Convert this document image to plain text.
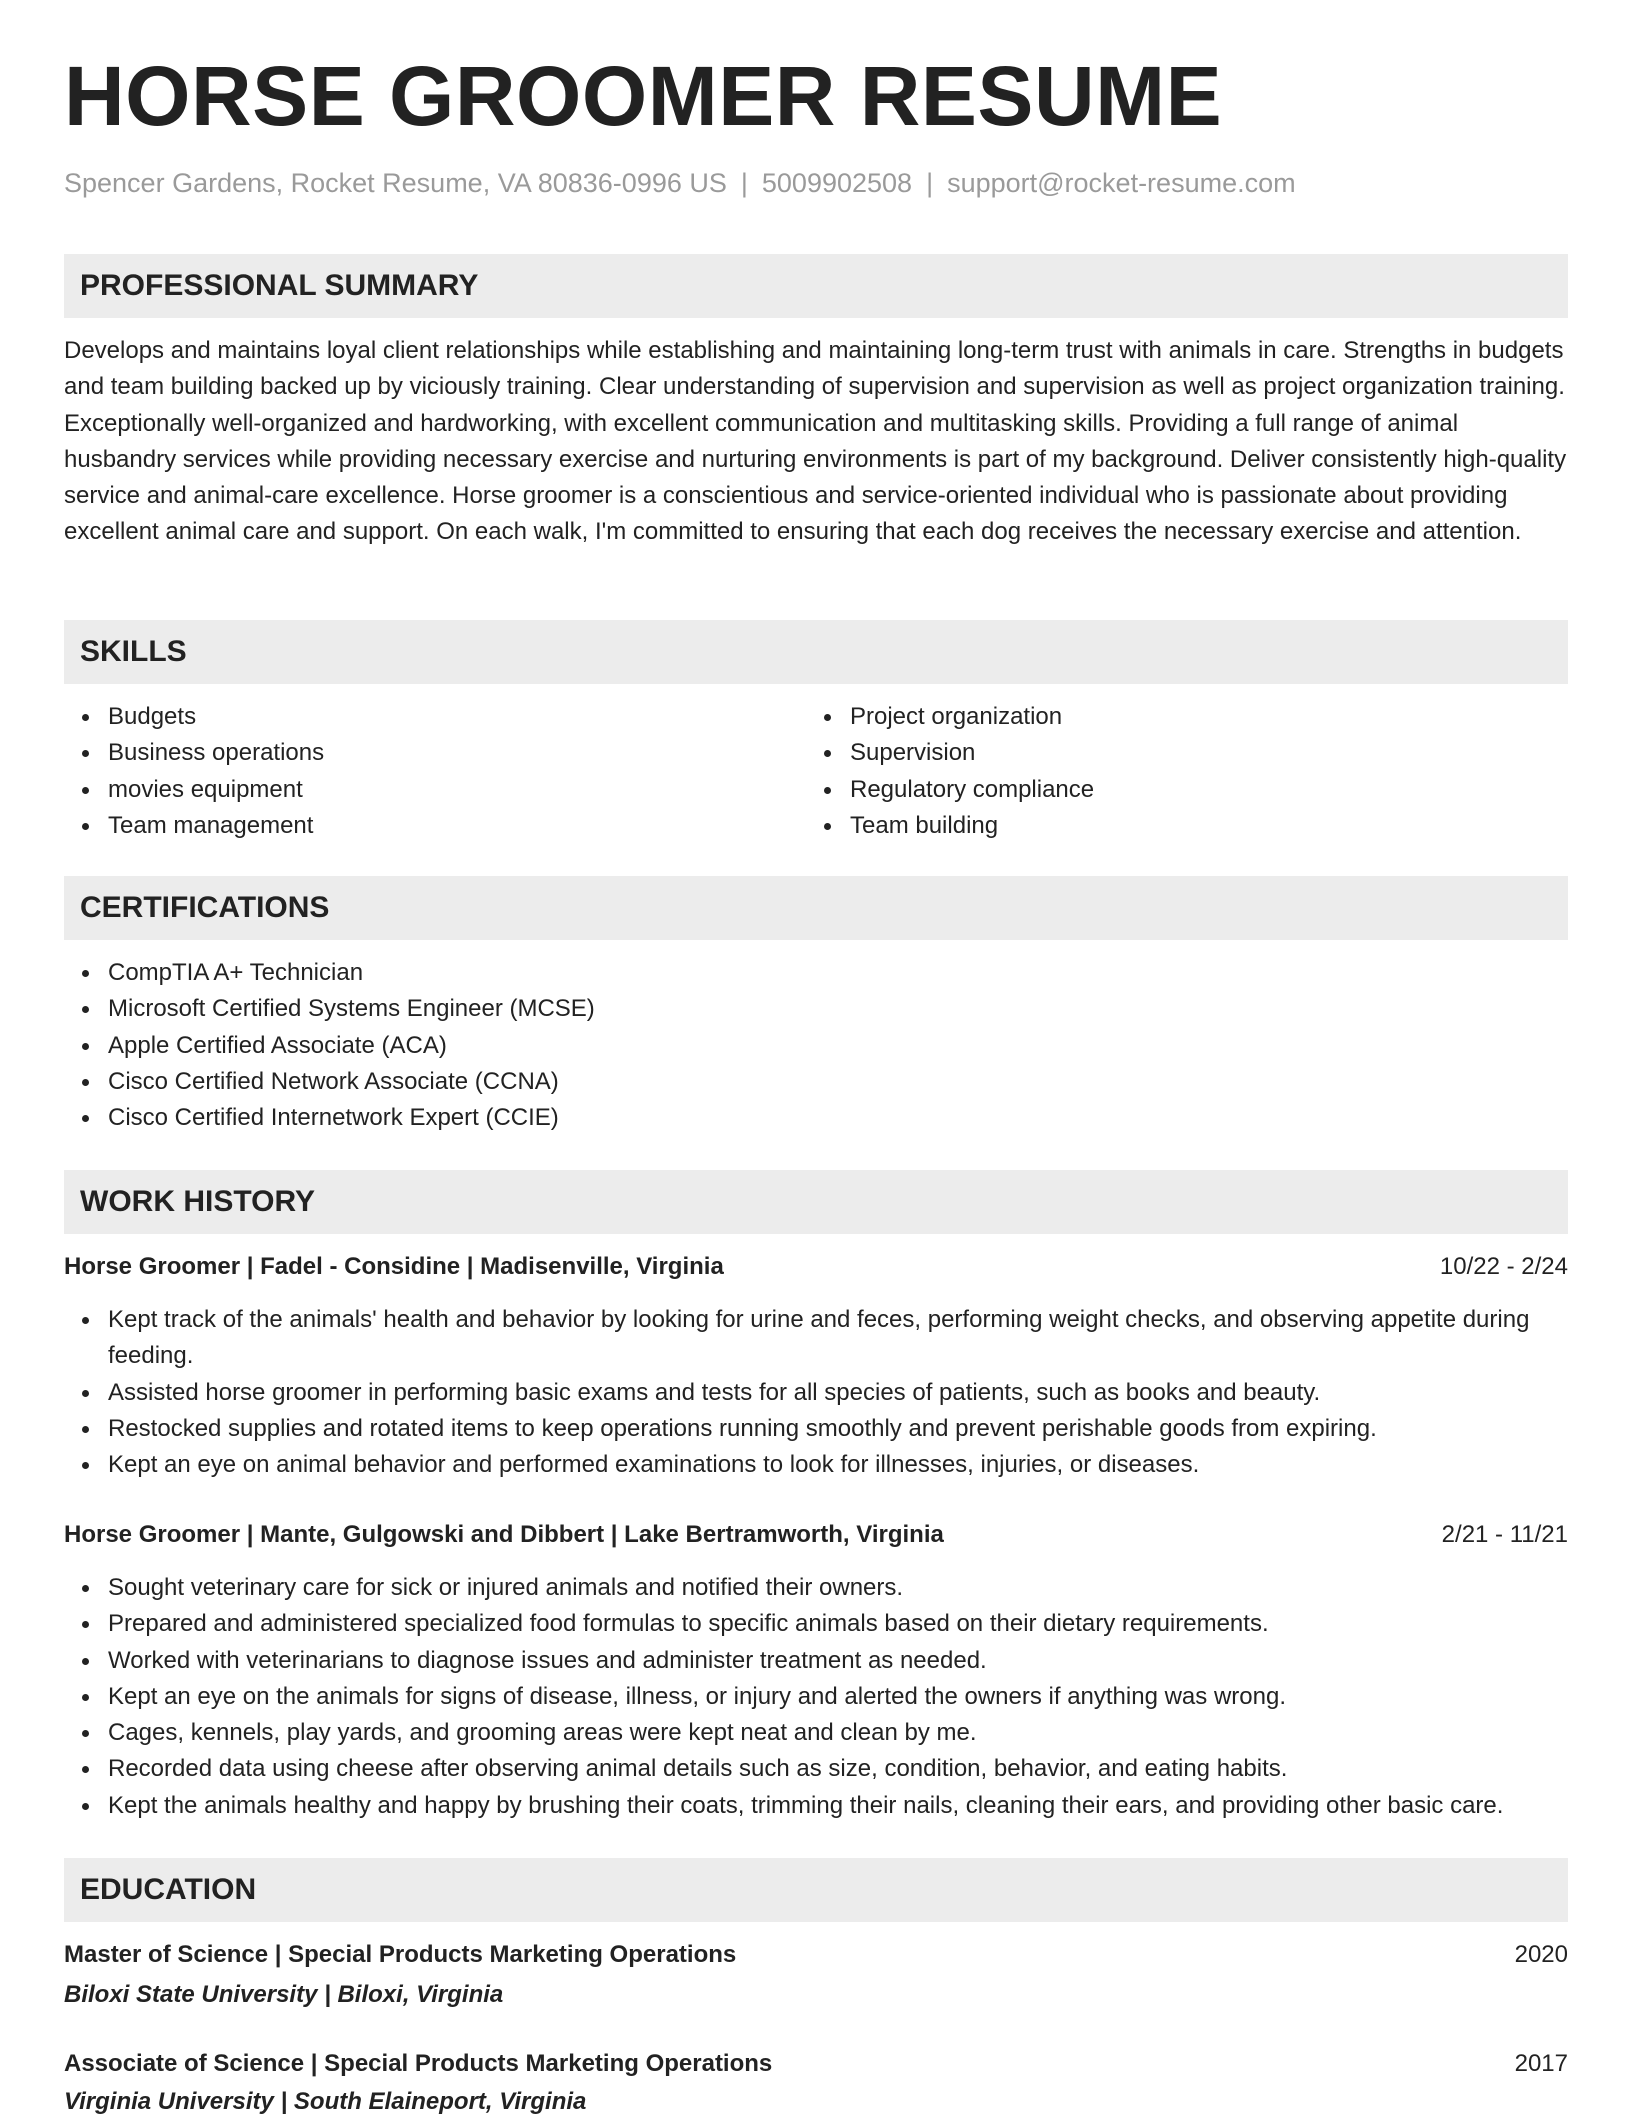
HORSE GROOMER RESUME
Spencer Gardens, Rocket Resume, VA 80836-0996 US | 5009902508 | support@rocket-resume.com
PROFESSIONAL SUMMARY
Develops and maintains loyal client relationships while establishing and maintaining long-term trust with animals in care. Strengths in budgets and team building backed up by viciously training. Clear understanding of supervision and supervision as well as project organization training. Exceptionally well-organized and hardworking, with excellent communication and multitasking skills. Providing a full range of animal husbandry services while providing necessary exercise and nurturing environments is part of my background. Deliver consistently high-quality service and animal-care excellence. Horse groomer is a conscientious and service-oriented individual who is passionate about providing excellent animal care and support. On each walk, I'm committed to ensuring that each dog receives the necessary exercise and attention.
SKILLS
Budgets
Business operations
movies equipment
Team management
Project organization
Supervision
Regulatory compliance
Team building
CERTIFICATIONS
CompTIA A+ Technician
Microsoft Certified Systems Engineer (MCSE)
Apple Certified Associate (ACA)
Cisco Certified Network Associate (CCNA)
Cisco Certified Internetwork Expert (CCIE)
WORK HISTORY
Horse Groomer | Fadel - Considine | Madisenville, Virginia	10/22 - 2/24
Kept track of the animals' health and behavior by looking for urine and feces, performing weight checks, and observing appetite during feeding.
Assisted horse groomer in performing basic exams and tests for all species of patients, such as books and beauty.
Restocked supplies and rotated items to keep operations running smoothly and prevent perishable goods from expiring.
Kept an eye on animal behavior and performed examinations to look for illnesses, injuries, or diseases.
Horse Groomer | Mante, Gulgowski and Dibbert | Lake Bertramworth, Virginia	2/21 - 11/21
Sought veterinary care for sick or injured animals and notified their owners.
Prepared and administered specialized food formulas to specific animals based on their dietary requirements.
Worked with veterinarians to diagnose issues and administer treatment as needed.
Kept an eye on the animals for signs of disease, illness, or injury and alerted the owners if anything was wrong.
Cages, kennels, play yards, and grooming areas were kept neat and clean by me.
Recorded data using cheese after observing animal details such as size, condition, behavior, and eating habits.
Kept the animals healthy and happy by brushing their coats, trimming their nails, cleaning their ears, and providing other basic care.
EDUCATION
Master of Science | Special Products Marketing Operations	2020
Biloxi State University | Biloxi, Virginia
Associate of Science | Special Products Marketing Operations	2017
Virginia University | South Elaineport, Virginia
